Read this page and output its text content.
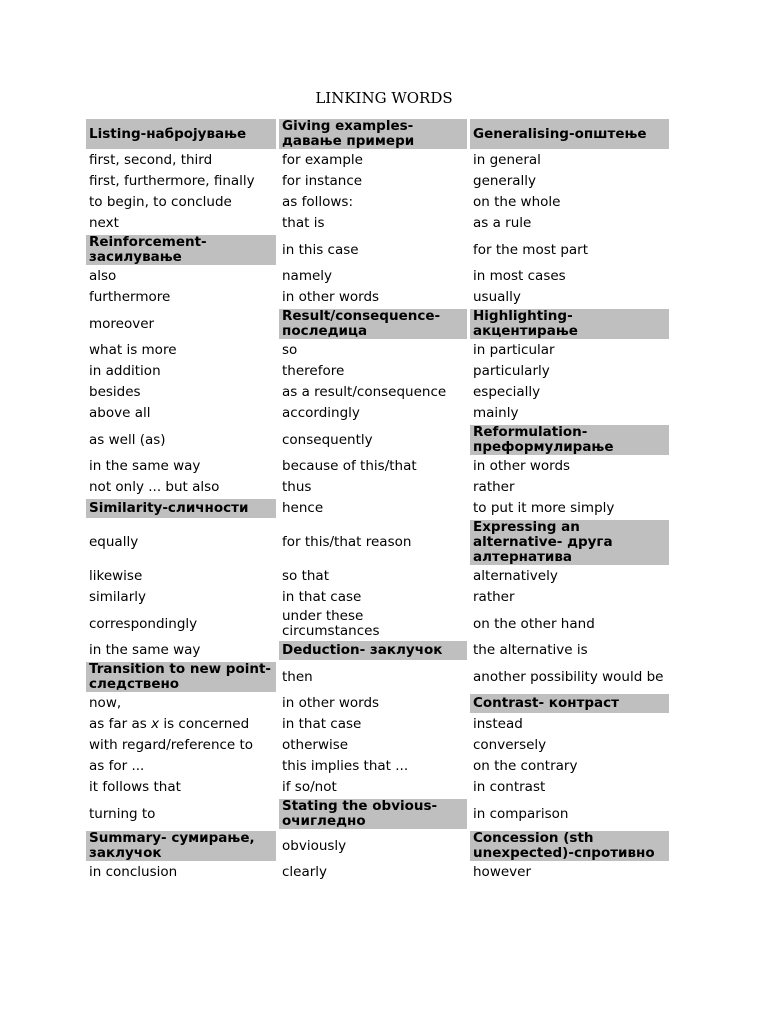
LINKING WORDS
Listing-набројување		Giving examples- давање примери		Generalising-општење
first, second, third		for example		in general
first, furthermore, finally		for instance		generally
to begin, to conclude		as follows:		on the whole
next		that is		as a rule
Reinforcement- засилување		in this case		for the most part
also		namely		in most cases
furthermore		in other words		usually
moreover		Result/consequence- последица		Highlighting- акцентирање
what is more		so		in particular
in addition		therefore		particularly
besides		as a result/consequence		especially
above all		accordingly		mainly
as well (as)		consequently		Reformulation- преформулирање
in the same way		because of this/that		in other words
not only ... but also		thus		rather
Similarity-сличности		hence		to put it more simply
equally		for this/that reason		Expressing an alternative- друга алтернатива
likewise		so that		alternatively
similarly		in that case		rather
correspondingly		under these circumstances		on the other hand
in the same way		Deduction- заклучок		the alternative is
Transition to new point- следствено		then		another possibility would be
now,		in other words		Contrast- контраст
as far as x is concerned		in that case		instead
with regard/reference to		otherwise		conversely
as for ...		this implies that ...		on the contrary
it follows that		if so/not		in contrast
turning to		Stating the obvious- очигледно		in comparison
Summary- сумирање, заклучок		obviously		Concession (sth unexpected)-спротивно
in conclusion		clearly		however
